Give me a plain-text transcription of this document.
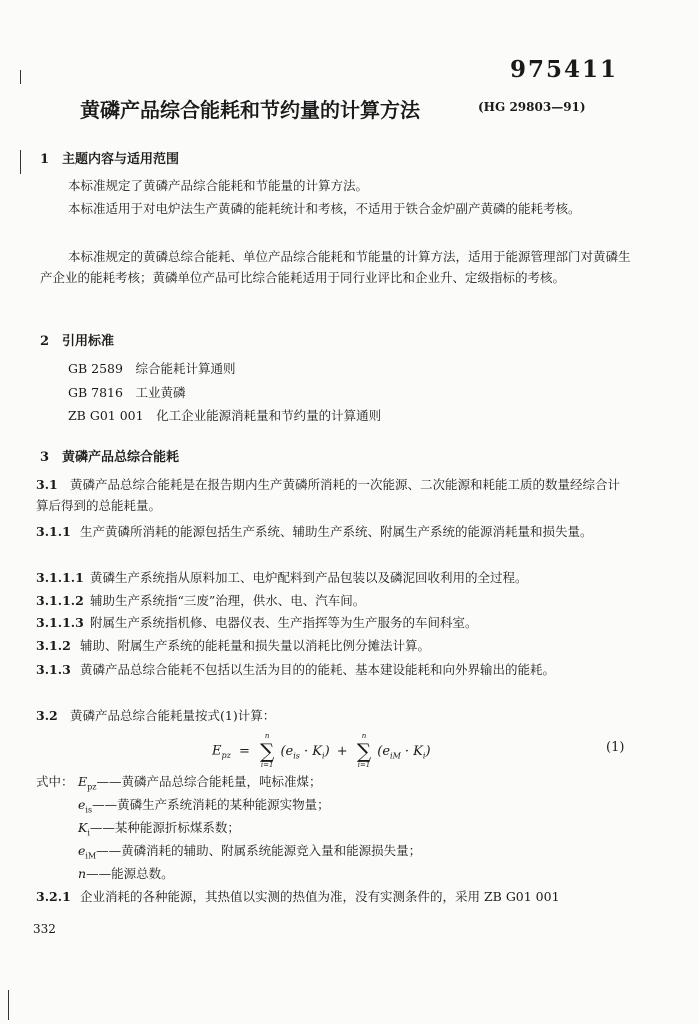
975411
黄磷产品综合能耗和节约量的计算方法	(HG 29803—91)
1　主题内容与适用范围
本标准规定了黄磷产品综合能耗和节能量的计算方法。
本标准适用于对电炉法生产黄磷的能耗统计和考核，不适用于铁合金炉副产黄磷的能耗考核。
本标准规定的黄磷总综合能耗、单位产品综合能耗和节能量的计算方法，适用于能源管理部门对黄磷生产企业的能耗考核；黄磷单位产品可比综合能耗适用于同行业评比和企业升、定级指标的考核。
2　引用标准
GB 2589　综合能耗计算通则
GB 7816　工业黄磷
ZB G01 001　化工企业能源消耗量和节约量的计算通则
3　黄磷产品总综合能耗
3.1 黄磷产品总综合能耗是在报告期内生产黄磷所消耗的一次能源、二次能源和耗能工质的数量经综合计算后得到的总能耗量。
3.1.1 生产黄磷所消耗的能源包括生产系统、辅助生产系统、附属生产系统的能源消耗量和损失量。
3.1.1.1 黄磷生产系统指从原料加工、电炉配料到产品包装以及磷泥回收利用的全过程。
3.1.1.2 辅助生产系统指“三废”治理，供水、电、汽车间。
3.1.1.3 附属生产系统指机修、电器仪表、生产指挥等为生产服务的车间科室。
3.1.2 辅助、附属生产系统的能耗量和损失量以消耗比例分摊法计算。
3.1.3 黄磷产品总综合能耗不包括以生活为目的的能耗、基本建设能耗和向外界输出的能耗。
3.2 黄磷产品总综合能耗量按式(1)计算：
$E_{pz}$ =
n
∑
i=1
$(e_{is} \cdot K_i)$ +
n
∑
i=1
$(e_{iM} \cdot K_i)$	(1)
式中： $E_{pz}——$黄磷产品总综合能耗量，吨标准煤；
$e_{is}——$黄磷生产系统消耗的某种能源实物量；
$K_i——$某种能源折标煤系数；
$e_{iM}——$黄磷消耗的辅助、附属系统能源竞入量和能源损失量；
n——能源总数。
3.2.1 企业消耗的各种能源，其热值以实测的热值为准，没有实测条件的，采用 ZB G01 001
332
